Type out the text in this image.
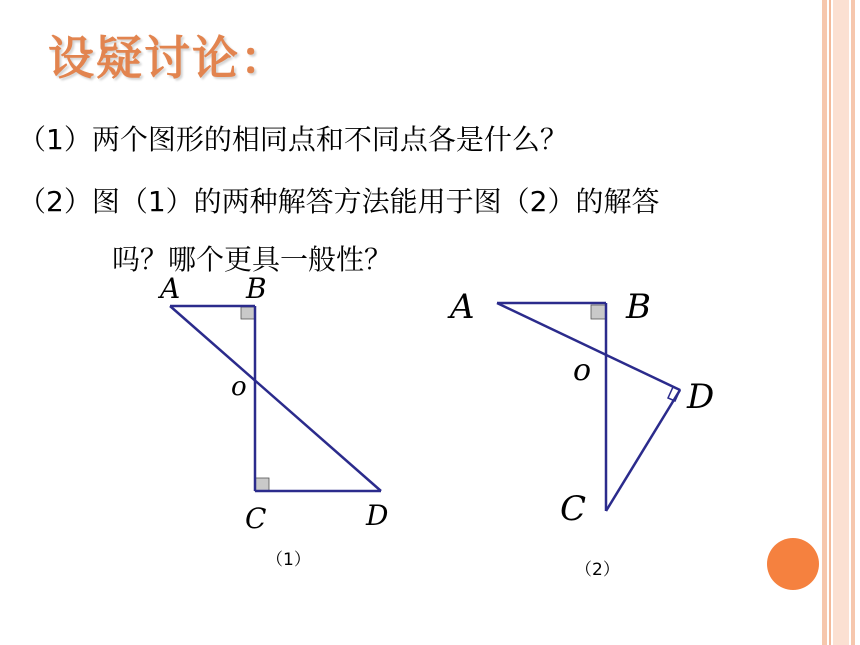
设疑讨论：
（1）两个图形的相同点和不同点各是什么？
（2）图（1）的两种解答方法能用于图（2）的解答
吗？哪个更具一般性？
A B
o
C	D
（1）
A	B
o
D
C
（2）
